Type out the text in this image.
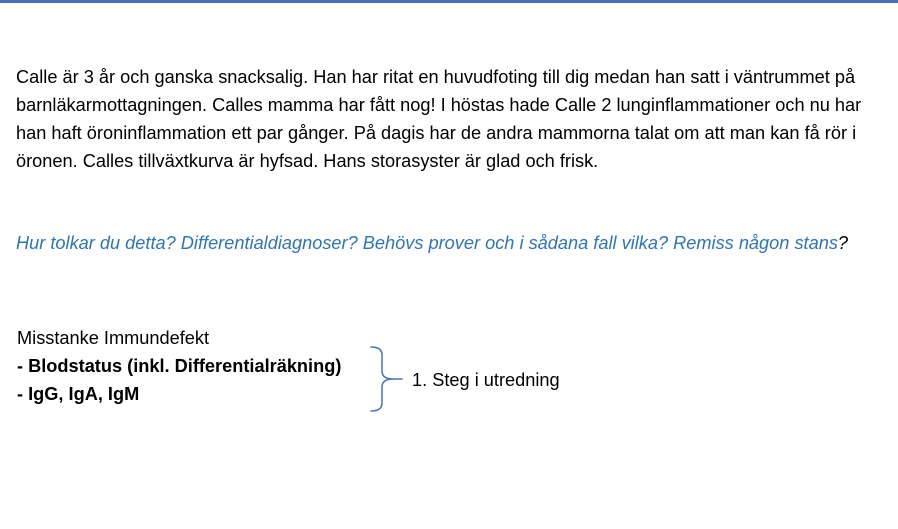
Calle är 3 år och ganska snacksalig. Han har ritat en huvudfoting till dig medan han satt i väntrummet på barnläkarmottagningen. Calles mamma har fått nog! I höstas hade Calle 2 lunginflammationer och nu har han haft öroninflammation ett par gånger. På dagis har de andra mammorna talat om att man kan få rör i öronen. Calles tillväxtkurva är hyfsad. Hans storasyster är glad och frisk.

Hur tolkar du detta? Differentialdiagnoser? Behövs prover och i sådana fall vilka? Remiss någon stans?

Misstanke Immundefekt

- Blodstatus (inkl. Differentialräkning)

- IgG, IgA, IgM

1. Steg i utredning
